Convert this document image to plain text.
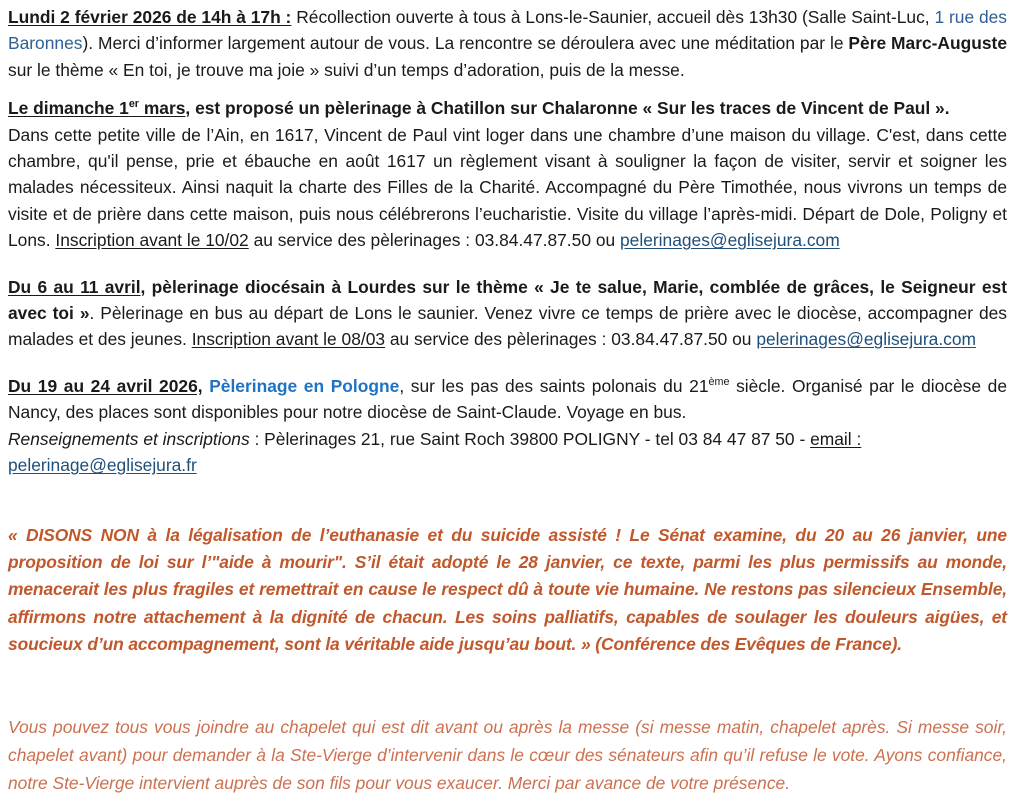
Lundi 2 février 2026 de 14h à 17h : Récollection ouverte à tous à Lons-le-Saunier, accueil dès 13h30 (Salle Saint-Luc, 1 rue des Baronnes). Merci d’informer largement autour de vous. La rencontre se déroulera avec une méditation par le Père Marc-Auguste sur le thème « En toi, je trouve ma joie » suivi d’un temps d’adoration, puis de la messe.

Le dimanche 1er mars, est proposé un pèlerinage à Chatillon sur Chalaronne « Sur les traces de Vincent de Paul ».

Dans cette petite ville de l’Ain, en 1617, Vincent de Paul vint loger dans une chambre d’une maison du village. C'est, dans cette chambre, qu'il pense, prie et ébauche en août 1617 un règlement visant à souligner la façon de visiter, servir et soigner les malades nécessiteux. Ainsi naquit la charte des Filles de la Charité. Accompagné du Père Timothée, nous vivrons un temps de visite et de prière dans cette maison, puis nous célébrerons l’eucharistie. Visite du village l’après-midi. Départ de Dole, Poligny et Lons. Inscription avant le 10/02 au service des pèlerinages : 03.84.47.87.50 ou pelerinages@eglisejura.com

Du 6 au 11 avril, pèlerinage diocésain à Lourdes sur le thème « Je te salue, Marie, comblée de grâces, le Seigneur est avec toi ». Pèlerinage en bus au départ de Lons le saunier. Venez vivre ce temps de prière avec le diocèse, accompagner des malades et des jeunes. Inscription avant le 08/03 au service des pèlerinages : 03.84.47.87.50 ou pelerinages@eglisejura.com

Du 19 au 24 avril 2026, Pèlerinage en Pologne, sur les pas des saints polonais du 21ème siècle. Organisé par le diocèse de Nancy, des places sont disponibles pour notre diocèse de Saint-Claude. Voyage en bus.

Renseignements et inscriptions : Pèlerinages 21, rue Saint Roch 39800 POLIGNY - tel 03 84 47 87 50 - email :
pelerinage@eglisejura.fr

« DISONS NON à la légalisation de l’euthanasie et du suicide assisté ! Le Sénat examine, du 20 au 26 janvier, une proposition de loi sur l’"aide à mourir". S’il était adopté le 28 janvier, ce texte, parmi les plus permissifs au monde, menacerait les plus fragiles et remettrait en cause le respect dû à toute vie humaine. Ne restons pas silencieux Ensemble, affirmons notre attachement à la dignité de chacun. Les soins palliatifs, capables de soulager les douleurs aigües, et soucieux d’un accompagnement, sont la véritable aide jusqu’au bout. » (Conférence des Evêques de France).

Vous pouvez tous vous joindre au chapelet qui est dit avant ou après la messe (si messe matin, chapelet après. Si messe soir, chapelet avant) pour demander à la Ste-Vierge d’intervenir dans le cœur des sénateurs afin qu’il refuse le vote. Ayons confiance, notre Ste-Vierge intervient auprès de son fils pour vous exaucer. Merci par avance de votre présence.
